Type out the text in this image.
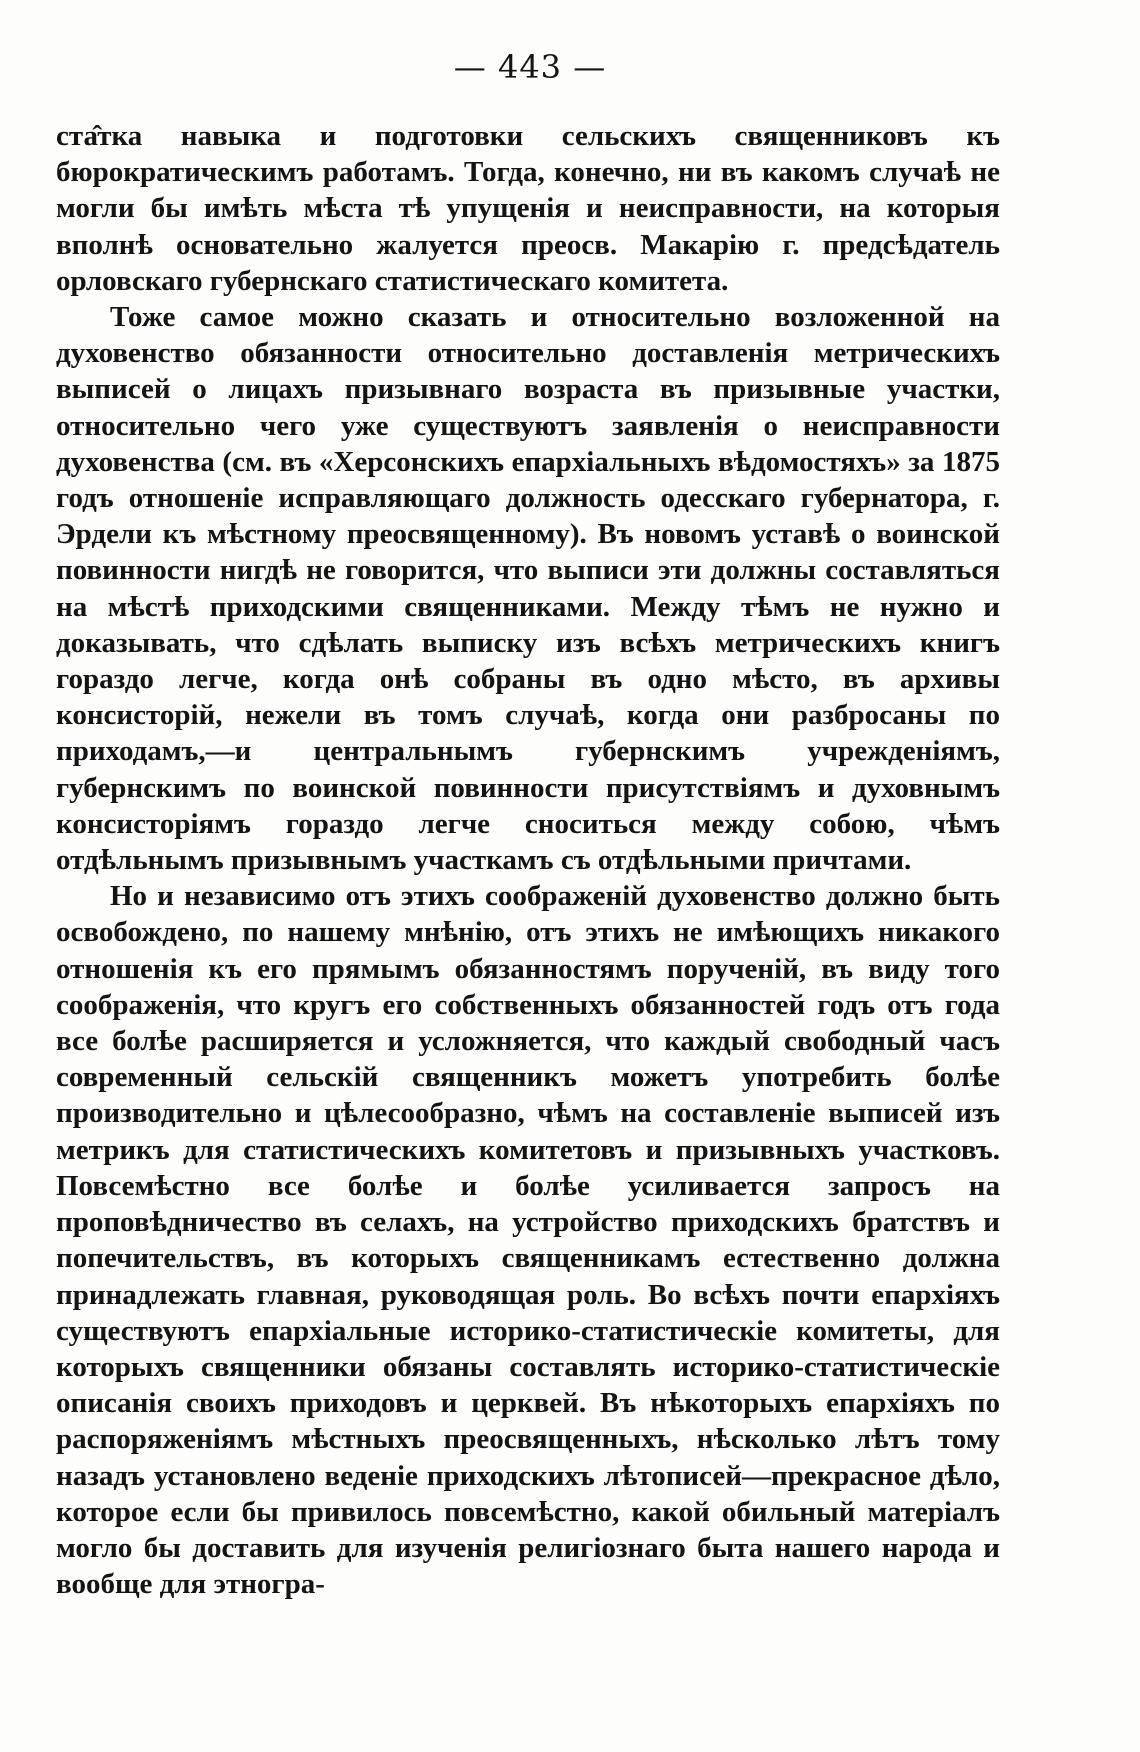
— 443 —

ста̂тка навыка и подготовки сельскихъ священниковъ къ бюрократическимъ работамъ. Тогда, конечно, ни въ какомъ случаѣ не могли бы имѣть мѣста тѣ упущенія и неисправности, на которыя вполнѣ основательно жалуется преосв. Макарію г. предсѣдатель орловскаго губернскаго статистическаго комитета.

Тоже самое можно сказать и относительно возложенной на духовенство обязанности относительно доставленія метрическихъ выписей о лицахъ призывнаго возраста въ призывные участки, относительно чего уже существуютъ заявленія о неисправности духовенства (см. въ «Херсонскихъ епархіальныхъ вѣдомостяхъ» за 1875 годъ отношеніе исправляющаго должность одесскаго губернатора, г. Эрдели къ мѣстному преосвященному). Въ новомъ уставѣ о воинской повинности нигдѣ не говорится, что выписи эти должны составляться на мѣстѣ приходскими священниками. Между тѣмъ не нужно и доказывать, что сдѣлать выписку изъ всѣхъ метрическихъ книгъ гораздо легче, когда онѣ собраны въ одно мѣсто, въ архивы консисторій, нежели въ томъ случаѣ, когда они разбросаны по приходамъ,—и центральнымъ губернскимъ учрежденіямъ, губернскимъ по воинской повинности присутствіямъ и духовнымъ консисторіямъ гораздо легче сноситься между собою, чѣмъ отдѣльнымъ призывнымъ участкамъ съ отдѣльными причтами.

Но и независимо отъ этихъ соображеній духовенство должно быть освобождено, по нашему мнѣнію, отъ этихъ не имѣющихъ никакого отношенія къ его прямымъ обязанностямъ порученій, въ виду того соображенія, что кругъ его собственныхъ обязанностей годъ отъ года все болѣе расширяется и усложняется, что каждый свободный часъ современный сельскій священникъ можетъ употребить болѣе производительно и цѣлесообразно, чѣмъ на составленіе выписей изъ метрикъ для статистическихъ комитетовъ и призывныхъ участковъ. Повсемѣстно все болѣе и болѣе усиливается запросъ на проповѣдничество въ селахъ, на устройство приходскихъ братствъ и попечительствъ, въ которыхъ священникамъ естественно должна принадлежать главная, руководящая роль. Во всѣхъ почти епархіяхъ существуютъ епархіальные историко-статистическіе комитеты, для которыхъ священники обязаны составлять историко-статистическіе описанія своихъ приходовъ и церквей. Въ нѣкоторыхъ епархіяхъ по распоряженіямъ мѣстныхъ преосвященныхъ, нѣсколько лѣтъ тому назадъ установлено веденіе приходскихъ лѣтописей—прекрасное дѣло, которое если бы привилось повсемѣстно, какой обильный матеріалъ могло бы доставить для изученія религіознаго быта нашего народа и вообще для этногра-
